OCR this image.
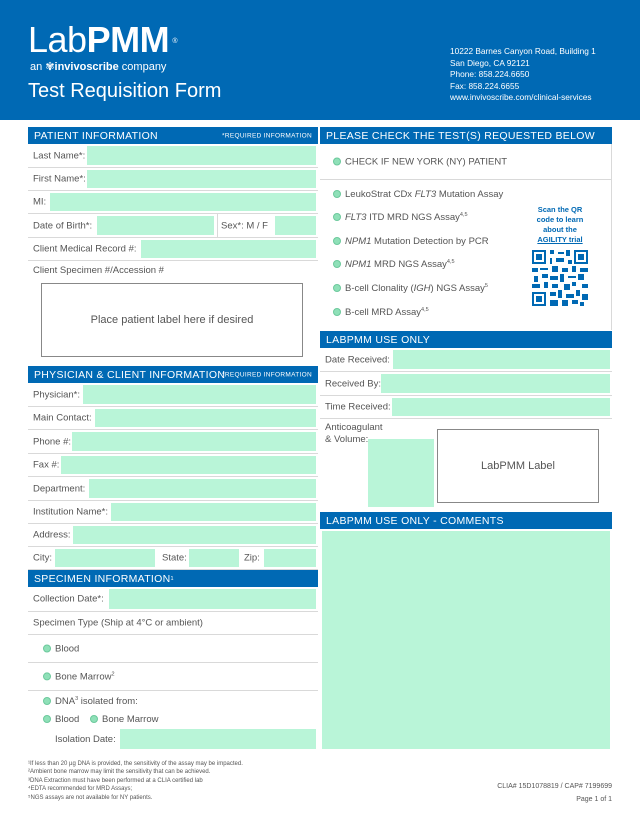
LabPMM ®
an ✾invivoscribe company
Test Requisition Form
10222 Barnes Canyon Road, Building 1
San Diego, CA 92121
Phone: 858.224.6650
Fax: 858.224.6655
www.invivoscribe.com/clinical-services
PATIENT INFORMATION	*REQUIRED INFORMATION
Last Name*:
First Name*:
MI:
Date of Birth*:	Sex*: M / F
Client Medical Record #:
Client Specimen #/Accession #
Place patient label here if desired
PHYSICIAN & CLIENT INFORMATION
*REQUIRED INFORMATION
Physician*:
Main Contact:
Phone #:
Fax #:
Department:
Institution Name*:
Address:
City:	State:	Zip:
SPECIMEN INFORMATION 1
Collection Date*:
Specimen Type (Ship at 4°C or ambient)
Blood
Bone Marrow$^2$
DNA$^3$ isolated from:
Blood	Bone Marrow
Isolation Date:
PLEASE CHECK THE TEST(S) REQUESTED BELOW
CHECK IF NEW YORK (NY) PATIENT
LeukoStrat CDx FLT3 Mutation Assay
FLT3 ITD MRD NGS Assay$^{4,5}$
NPM1 Mutation Detection by PCR
NPM1 MRD NGS Assay$^{4,5}$
B-cell Clonality (IGH) NGS Assay$^5$
B-cell MRD Assay$^{4,5}$
Scan the QR
code to learn
about the
AGILITY trial
LABPMM USE ONLY
Date Received:
Received By:
Time Received:
Anticoagulant
& Volume:
LabPMM Label
LABPMM USE ONLY - COMMENTS
¹If less than 20 µg DNA is provided, the sensitivity of the assay may be impacted.
²Ambient bone marrow may limit the sensitivity that can be achieved.
³DNA Extraction must have been performed at a CLIA certified lab
⁴EDTA recommended for MRD Assays;
⁵NGS assays are not available for NY patients.
CLIA# 15D1078819 / CAP# 7199699
Page 1 of 1
